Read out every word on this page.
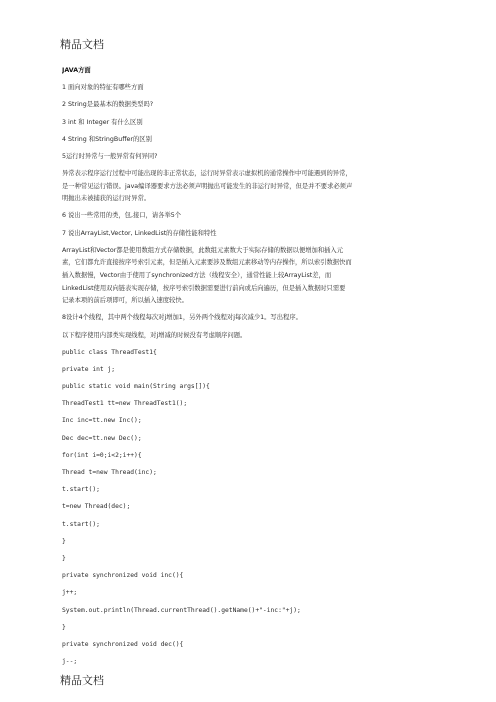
精品文档
JAVA方面
1 面向对象的特征有哪些方面
2 String是最基本的数据类型吗?
3 int 和 Integer 有什么区别
4 String 和StringBuffer的区别
5运行时异常与一般异常有何异同?
异常表示程序运行过程中可能出现的非正常状态，运行时异常表示虚拟机的通常操作中可能遇到的异常，
是一种常见运行错误。java编译器要求方法必须声明抛出可能发生的非运行时异常，但是并不要求必须声
明抛出未被捕获的运行时异常。
6 说出一些常用的类，包,接口，请各举5个
7 说出ArrayList,Vector, LinkedList的存储性能和特性
ArrayList和Vector都是使用数组方式存储数据，此数组元素数大于实际存储的数据以便增加和插入元
素，它们都允许直接按序号索引元素，但是插入元素要涉及数组元素移动等内存操作，所以索引数据快而
插入数据慢，Vector由于使用了synchronized方法（线程安全），通常性能上较ArrayList差，而
LinkedList使用双向链表实现存储，按序号索引数据需要进行前向或后向遍历，但是插入数据时只需要
记录本项的前后项即可，所以插入速度较快。
8设计4个线程，其中两个线程每次对j增加1，另外两个线程对j每次减少1。写出程序。
以下程序使用内部类实现线程，对j增减的时候没有考虑顺序问题。
public class ThreadTest1{
private int j;
public static void main(String args[]){
ThreadTest1 tt=new ThreadTest1();
Inc inc=tt.new Inc();
Dec dec=tt.new Dec();
for(int i=0;i<2;i++){
Thread t=new Thread(inc);
t.start();
t=new Thread(dec);
t.start();
}
}
private synchronized void inc(){
j++;
System.out.println(Thread.currentThread().getName()+"-inc:"+j);
}
private synchronized void dec(){
j--;
精品文档
